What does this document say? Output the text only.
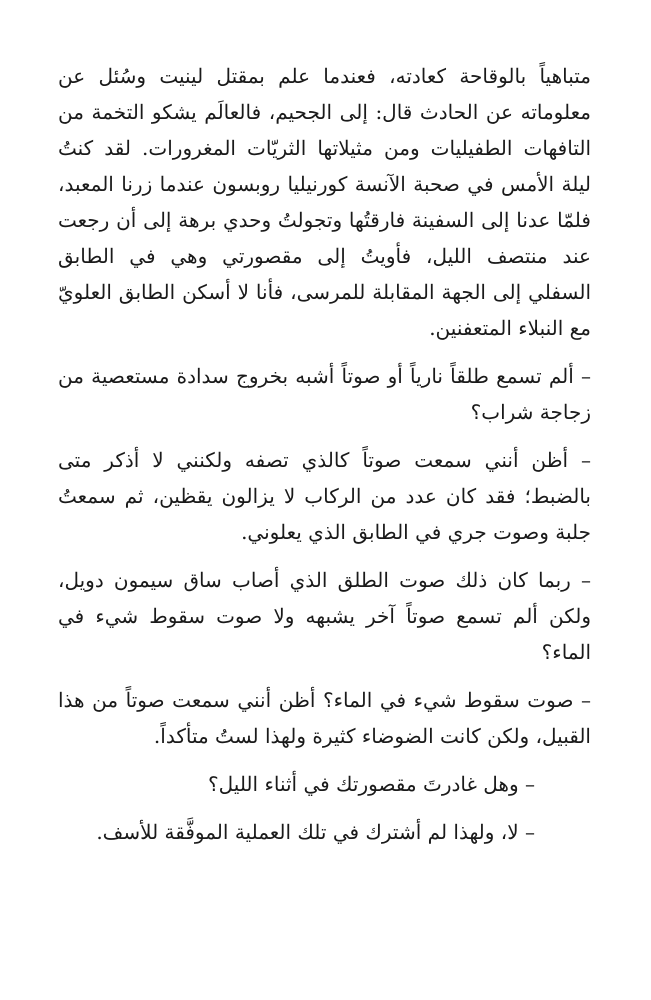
متباهياً بالوقاحة كعادته، فعندما علم بمقتل لينيت وسُئل عن معلوماته عن الحادث قال: إلى الجحيم، فالعالَم يشكو التخمة من التافهات الطفيليات ومن مثيلاتها الثريّات المغرورات. لقد كنتُ ليلة الأمس في صحبة الآنسة كورنيليا روبسون عندما زرنا المعبد، فلمّا عدنا إلى السفينة فارقتُها وتجولتُ وحدي برهة إلى أن رجعت عند منتصف الليل، فأويتُ إلى مقصورتي وهي في الطابق السفلي إلى الجهة المقابلة للمرسى، فأنا لا أسكن الطابق العلويّ مع النبلاء المتعفنين.

– ألم تسمع طلقاً نارياً أو صوتاً أشبه بخروج سدادة مستعصية من زجاجة شراب؟

– أظن أنني سمعت صوتاً كالذي تصفه ولكنني لا أذكر متى بالضبط؛ فقد كان عدد من الركاب لا يزالون يقظين، ثم سمعتُ جلبة وصوت جري في الطابق الذي يعلوني.

– ربما كان ذلك صوت الطلق الذي أصاب ساق سيمون دويل، ولكن ألم تسمع صوتاً آخر يشبهه ولا صوت سقوط شيء في الماء؟

– صوت سقوط شيء في الماء؟ أظن أنني سمعت صوتاً من هذا القبيل، ولكن كانت الضوضاء كثيرة ولهذا لستُ متأكداً.

– وهل غادرتَ مقصورتك في أثناء الليل؟

– لا، ولهذا لم أشترك في تلك العملية الموفَّقة للأسف.
